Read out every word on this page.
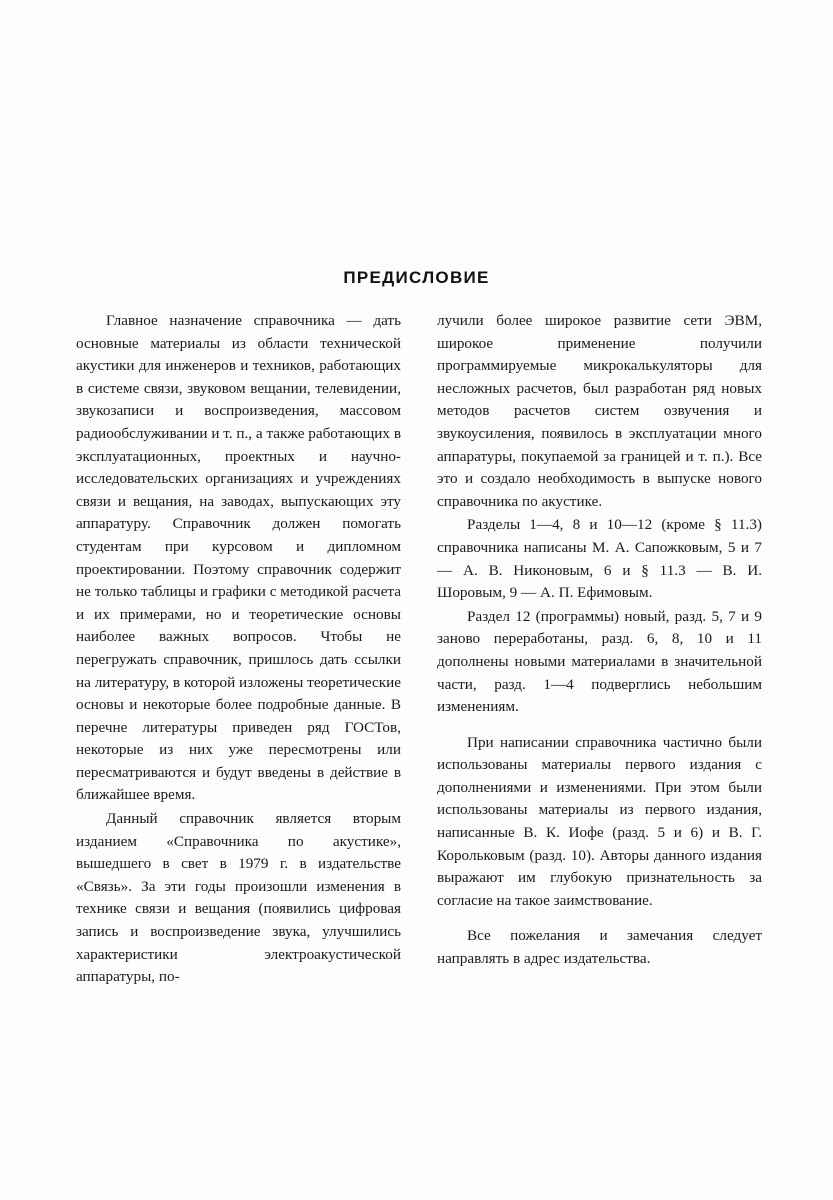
ПРЕДИСЛОВИЕ

Главное назначение справочника — дать основные материалы из области технической акустики для инженеров и техников, работающих в системе связи, звуковом вещании, телевидении, звукозаписи и воспроизведения, массовом радиообслуживании и т. п., а также работающих в эксплуатационных, проектных и научно-исследовательских организациях и учреждениях связи и вещания, на заводах, выпускающих эту аппаратуру. Справочник должен помогать студентам при курсовом и дипломном проектировании. Поэтому справочник содержит не только таблицы и графики с методикой расчета и их примерами, но и теоретические основы наиболее важных вопросов. Чтобы не перегружать справочник, пришлось дать ссылки на литературу, в которой изложены теоретические основы и некоторые более подробные данные. В перечне литературы приведен ряд ГОСТов, некоторые из них уже пересмотрены или пересматриваются и будут введены в действие в ближайшее время.

Данный справочник является вторым изданием «Справочника по акустике», вышедшего в свет в 1979 г. в издательстве «Связь». За эти годы произошли изменения в технике связи и вещания (появились цифровая запись и воспроизведение звука, улучшились характеристики электроакустической аппаратуры, по-

лучили более широкое развитие сети ЭВМ, широкое применение получили программируемые микрокалькуляторы для несложных расчетов, был разработан ряд новых методов расчетов систем озвучения и звукоусиления, появилось в эксплуатации много аппаратуры, покупаемой за границей и т. п.). Все это и создало необходимость в выпуске нового справочника по акустике.

Разделы 1—4, 8 и 10—12 (кроме § 11.3) справочника написаны М. А. Сапожковым, 5 и 7 — А. В. Никоновым, 6 и § 11.3 — В. И. Шоровым, 9 — А. П. Ефимовым.

Раздел 12 (программы) новый, разд. 5, 7 и 9 заново переработаны, разд. 6, 8, 10 и 11 дополнены новыми материалами в значительной части, разд. 1—4 подверглись небольшим изменениям.

При написании справочника частично были использованы материалы первого издания с дополнениями и изменениями. При этом были использованы материалы из первого издания, написанные В. К. Иофе (разд. 5 и 6) и В. Г. Корольковым (разд. 10). Авторы данного издания выражают им глубокую признательность за согласие на такое заимствование.

Все пожелания и замечания следует направлять в адрес издательства.
